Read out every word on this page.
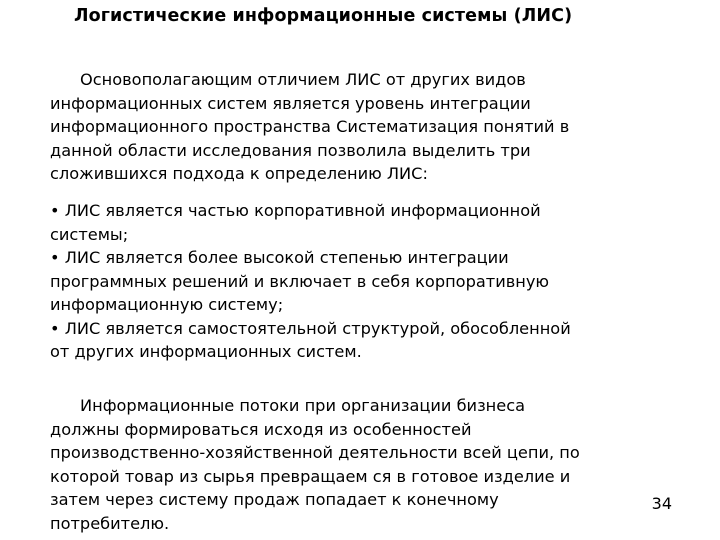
Логистические информационные системы (ЛИС)

Основополагающим отличием ЛИС от других видов
информационных систем является уровень интеграции
информационного пространства Систематизация понятий в
данной области исследования позволила выделить три
сложившихся подхода к определению ЛИС:

• ЛИС является частью корпоративной информационной
системы;

• ЛИС является более высокой степенью интеграции
программных решений и включает в себя корпоративную
информационную систему;

• ЛИС является самостоятельной структурой, обособленной
от других информационных систем.

Информационные потоки при организации бизнеса
должны формироваться исходя из особенностей
производственно-хозяйственной деятельности всей цепи, по
которой товар из сырья превращаем ся в готовое изделие и
затем через систему продаж попадает к конечному
потребителю.

34
